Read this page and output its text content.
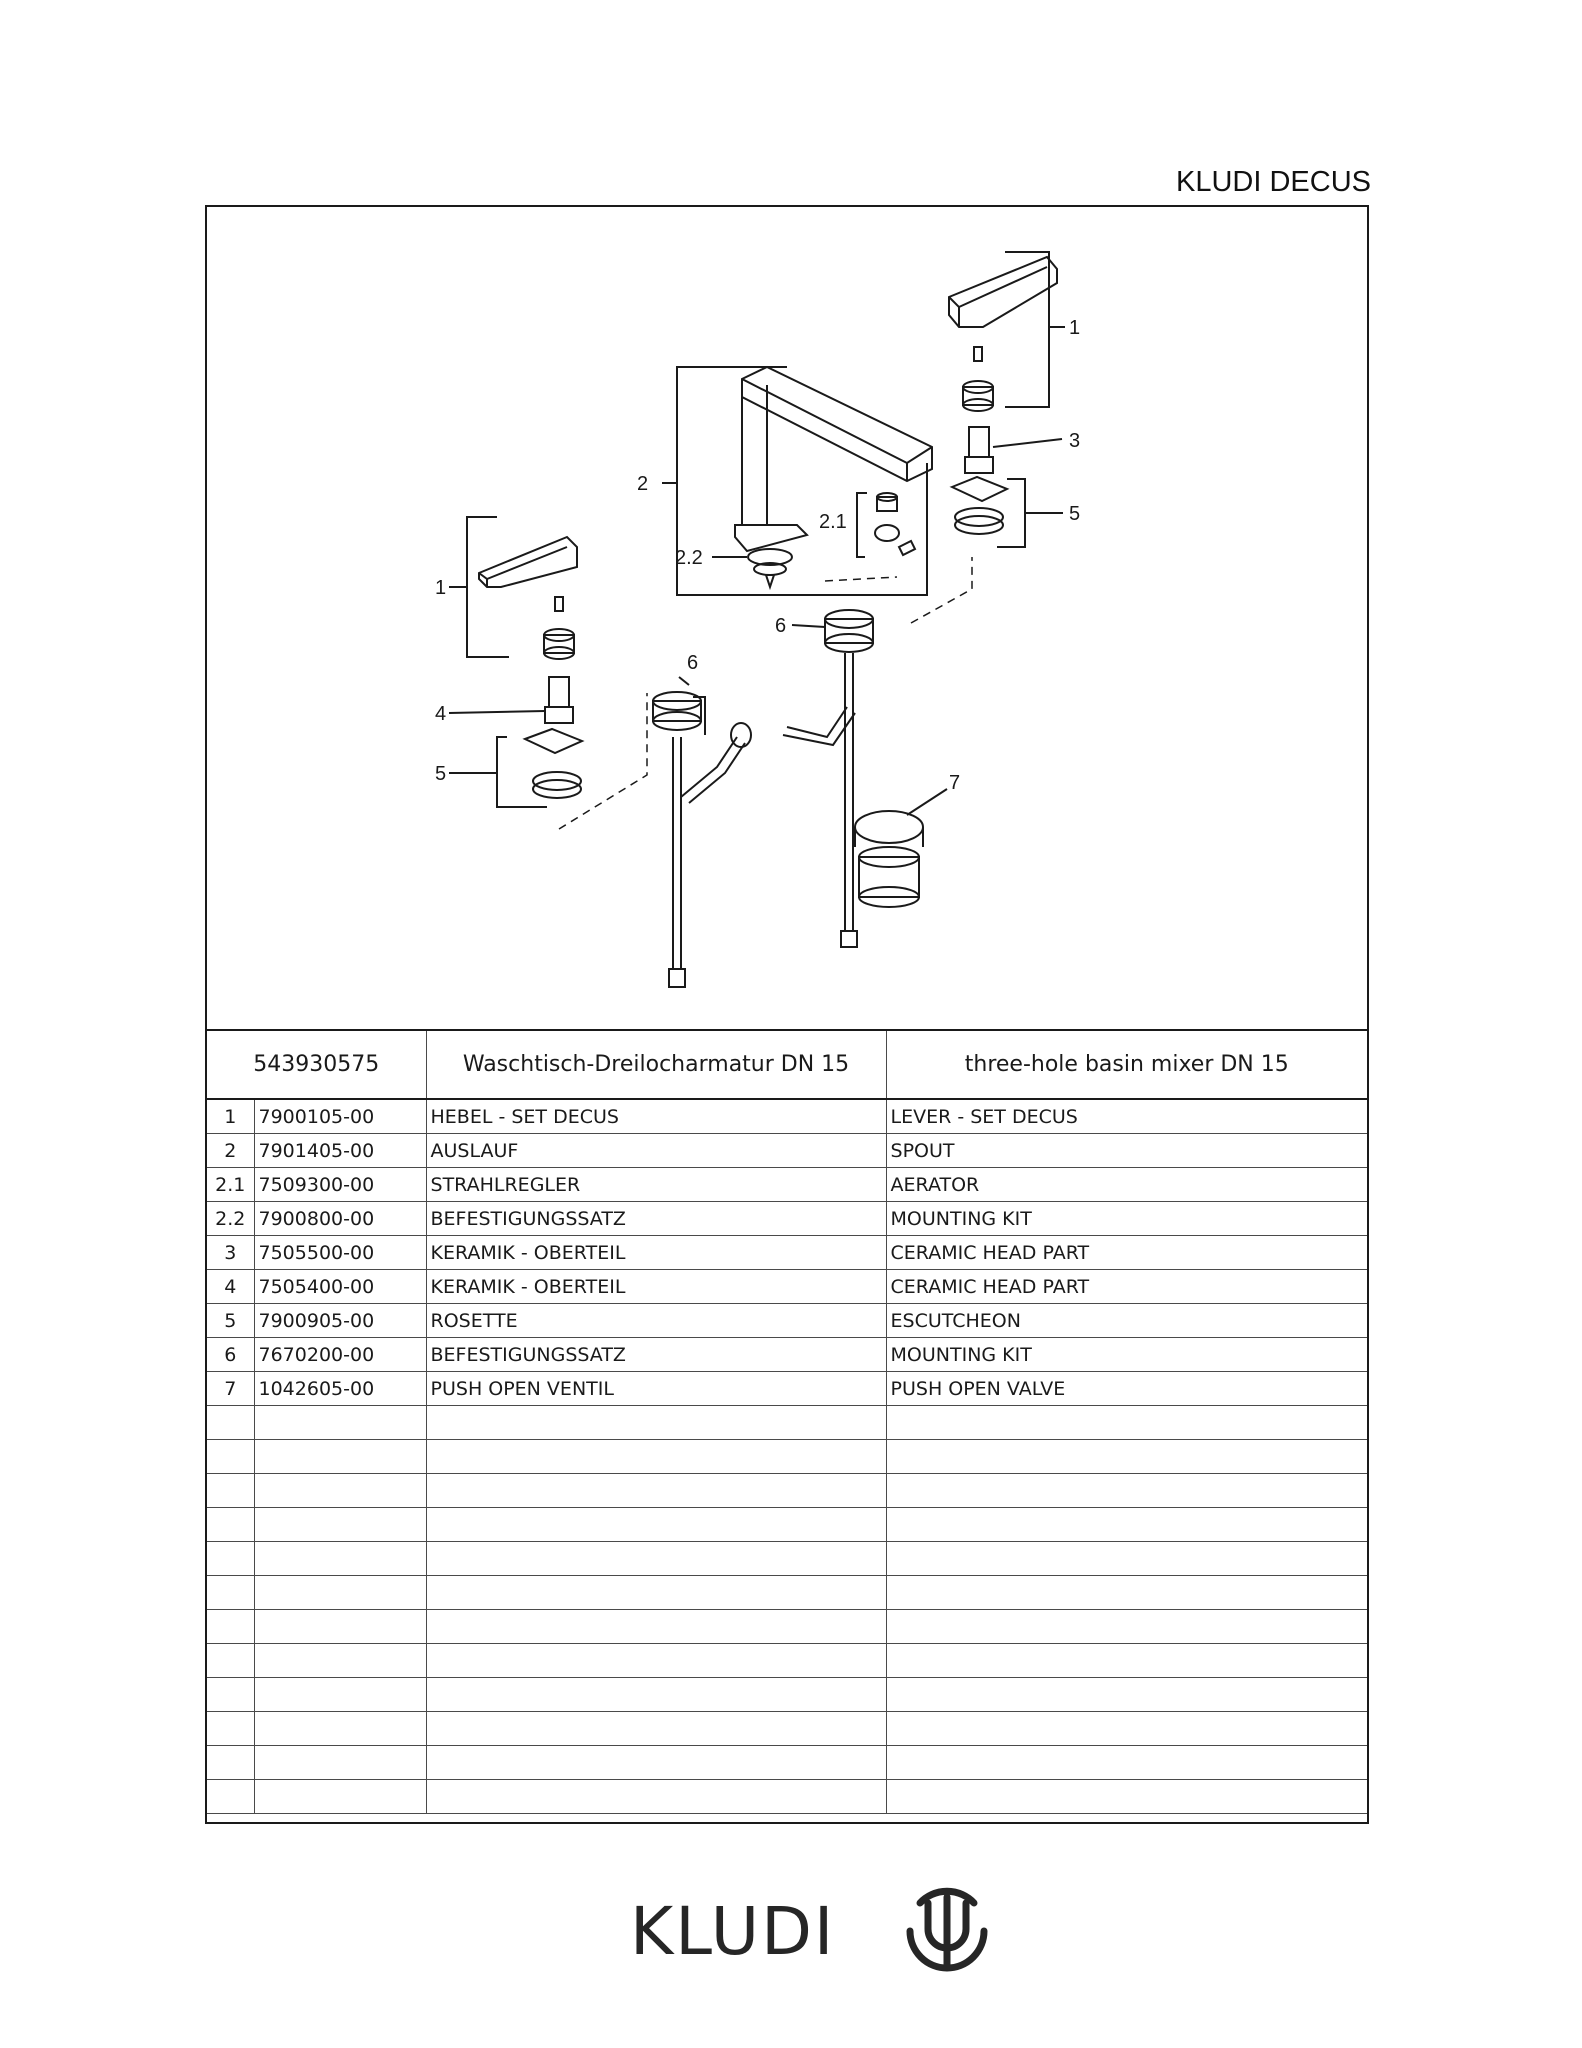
KLUDI DECUS
1
2
2.1
2.2
3
1
4
5
6
6
5
7
543930575		Waschtisch-Dreilocharmatur DN 15	three-hole basin mixer DN 15
1	7900105-00	HEBEL - SET DECUS	LEVER - SET DECUS
2	7901405-00	AUSLAUF	SPOUT
2.1	7509300-00	STRAHLREGLER	AERATOR
2.2	7900800-00	BEFESTIGUNGSSATZ	MOUNTING KIT
3	7505500-00	KERAMIK - OBERTEIL	CERAMIC HEAD PART
4	7505400-00	KERAMIK - OBERTEIL	CERAMIC HEAD PART
5	7900905-00	ROSETTE	ESCUTCHEON
6	7670200-00	BEFESTIGUNGSSATZ	MOUNTING KIT
7	1042605-00	PUSH OPEN VENTIL	PUSH OPEN VALVE

KLUDI
